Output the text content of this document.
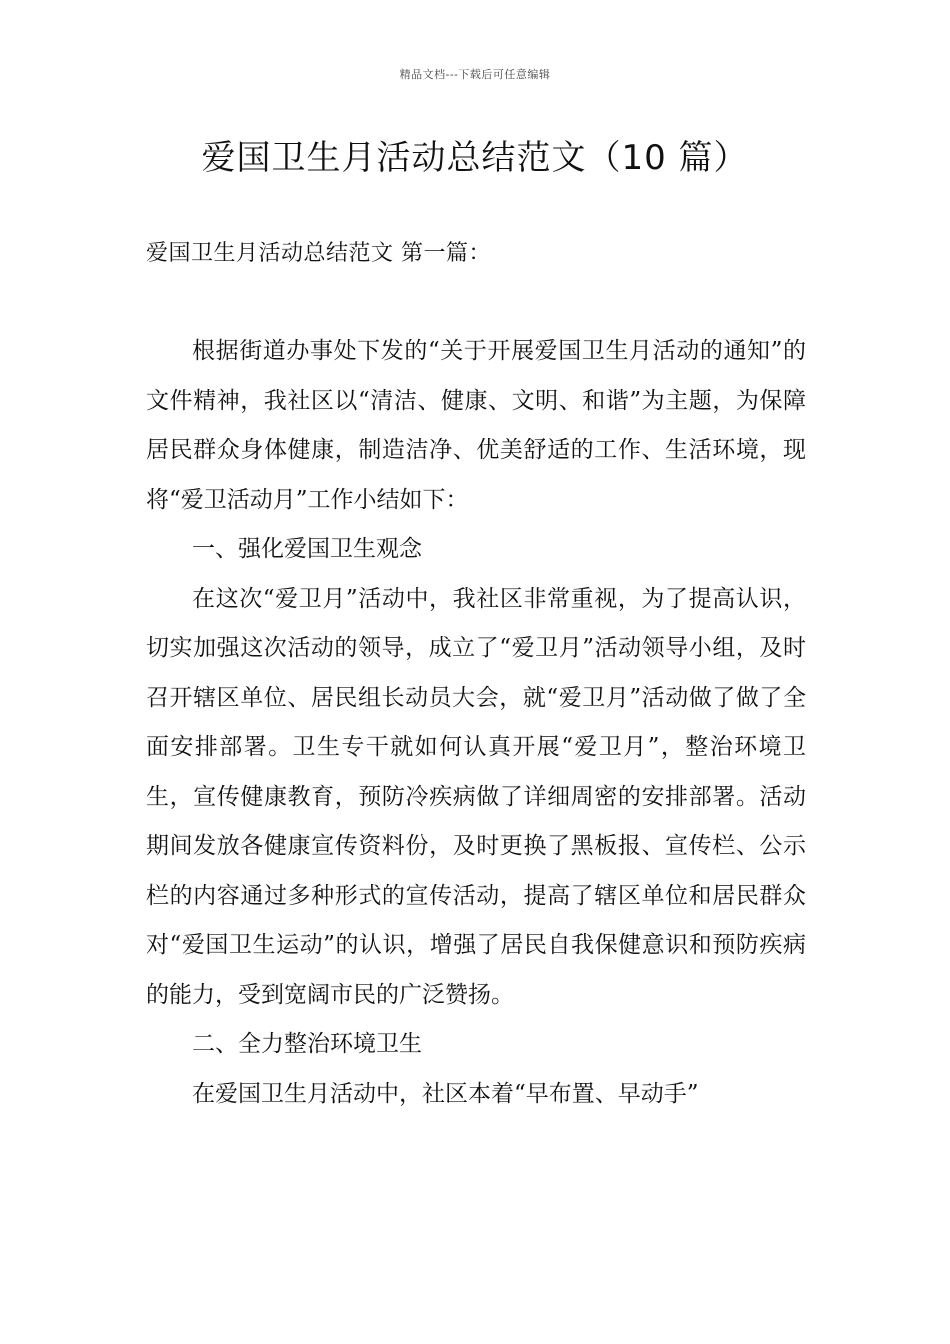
精品文档---下载后可任意编辑
爱国卫生月活动总结范文（10 篇）
爱国卫生月活动总结范文 第一篇：

根据街道办事处下发的“关于开展爱国卫生月活动的通知”的文件精神，我社区以“清洁、健康、文明、和谐”为主题，为保障居民群众身体健康，制造洁净、优美舒适的工作、生活环境，现将“爱卫活动月”工作小结如下：

一、强化爱国卫生观念

在这次“爱卫月”活动中，我社区非常重视，为了提高认识，切实加强这次活动的领导，成立了“爱卫月”活动领导小组，及时召开辖区单位、居民组长动员大会，就“爱卫月”活动做了做了全面安排部署。卫生专干就如何认真开展“爱卫月”，整治环境卫生，宣传健康教育，预防冷疾病做了详细周密的安排部署。活动期间发放各健康宣传资料份，及时更换了黑板报、宣传栏、公示栏的内容通过多种形式的宣传活动，提高了辖区单位和居民群众对“爱国卫生运动”的认识，增强了居民自我保健意识和预防疾病的能力，受到宽阔市民的广泛赞扬。

二、全力整治环境卫生

在爱国卫生月活动中，社区本着“早布置、早动手”
